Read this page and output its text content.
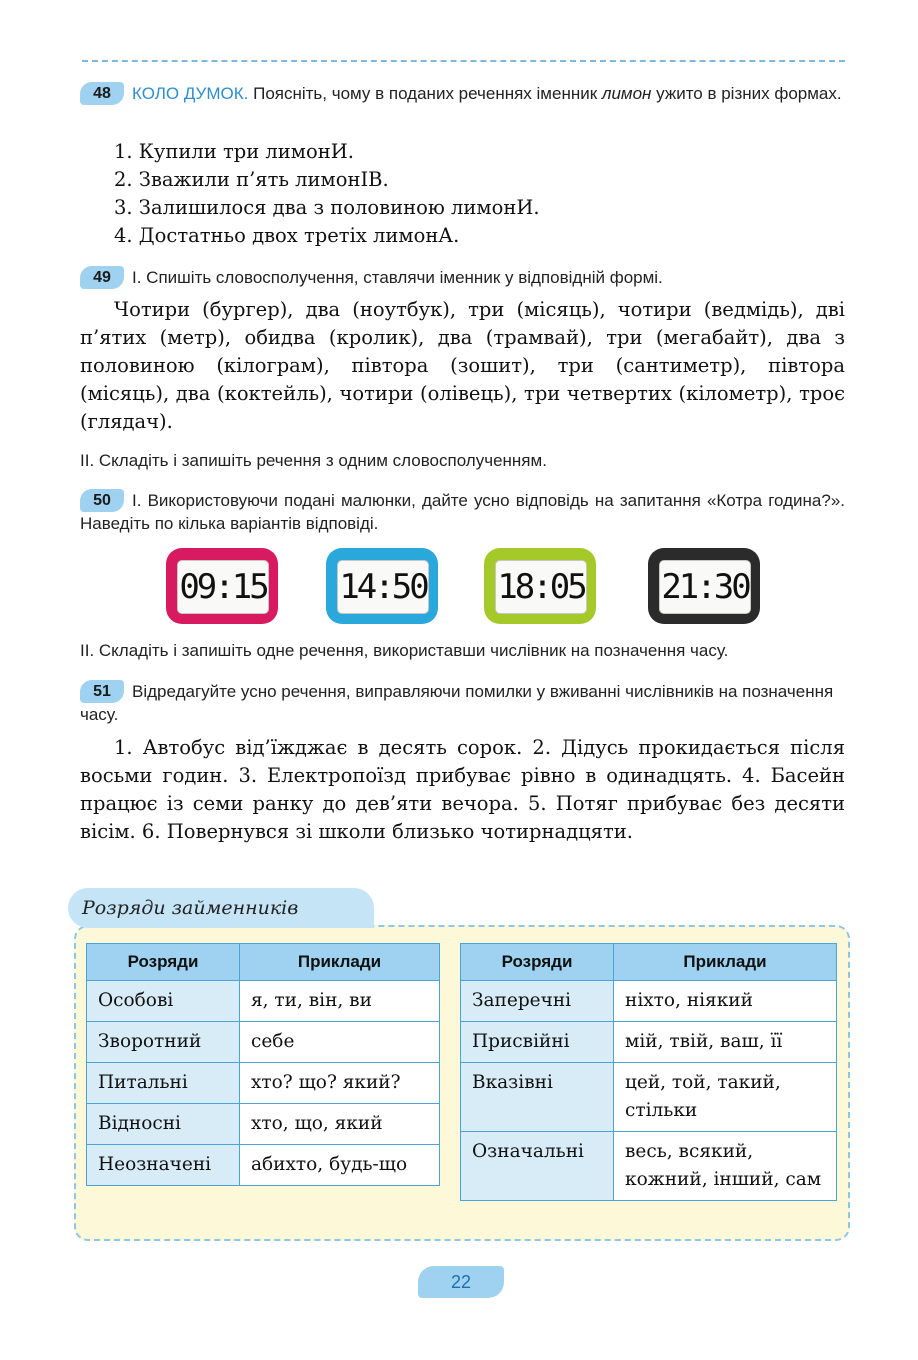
48 КОЛО ДУМОК. Поясніть, чому в поданих реченнях іменник лимон ужито в різних формах.
1. Купили три лимонИ.
2. Зважили п’ять лимонІВ.
3. Залишилося два з половиною лимонИ.
4. Достатньо двох третіх лимонА.
49 І. Спишіть словосполучення, ставлячи іменник у відповідній формі.
Чотири (бургер), два (ноутбук), три (місяць), чотири (ведмідь), дві п’ятих (метр), обидва (кролик), два (трамвай), три (мегабайт), два з половиною (кілограм), півтора (зошит), три (сантиметр), півтора (місяць), два (коктейль), чотири (олівець), три четвертих (кілометр), троє (глядач).
ІІ. Складіть і запишіть речення з одним словосполученням.
50 І. Використовуючи подані малюнки, дайте усно відповідь на запитання «Котра година?». Наведіть по кілька варіантів відповіді.
09:15 14:50 18:05 21:30
ІІ. Складіть і запишіть одне речення, використавши числівник на позначення часу.
51 Відредагуйте усно речення, виправляючи помилки у вживанні числівників на позначення часу.
1. Автобус від’їжджає в десять сорок. 2. Дідусь прокидається після восьми годин. 3. Електропоїзд прибуває рівно в одинадцять. 4. Басейн працює із семи ранку до дев’яти вечора. 5. Потяг прибуває без десяти вісім. 6. Повернувся зі школи близько чотирнадцяти.
Розряди займенників
Розряди	Приклади
Особові	я, ти, він, ви
Зворотний	себе
Питальні	хто? що? який?
Відносні	хто, що, який
Неозначені	абихто, будь-що
Розряди	Приклади
Заперечні	ніхто, ніякий
Присвійні	мій, твій, ваш, її
Вказівні	цей, той, такий, стільки
Означальні	весь, всякий, кожний, інший, сам
22
